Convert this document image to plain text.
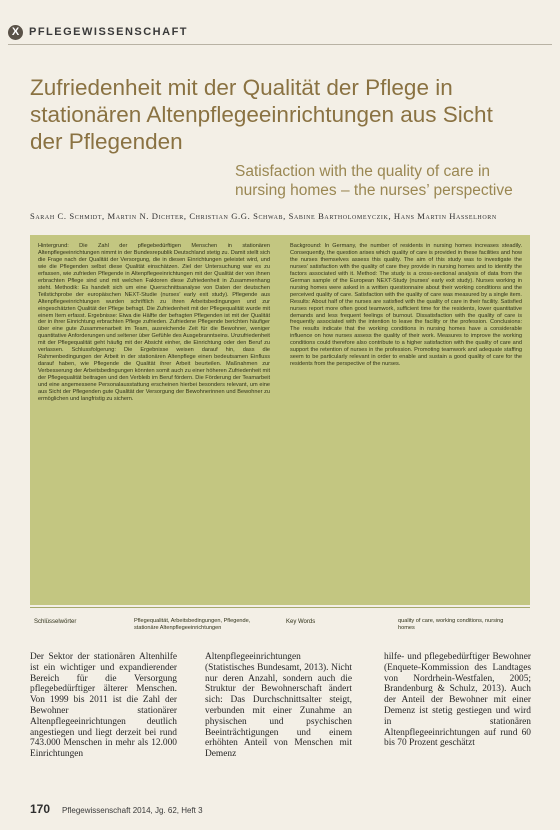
X PFLEGEWISSENSCHAFT
Zufriedenheit mit der Qualität der Pflege in stationären Altenpflegeeinrichtungen aus Sicht der Pflegenden
Satisfaction with the quality of care in nursing homes – the nurses’ perspective
Sarah C. Schmidt, Martin N. Dichter, Christian G.G. Schwab, Sabine Bartholomeyczik, Hans Martin Hasselhorn
Hintergrund: Die Zahl der pflegebedürftigen Menschen in stationären Altenpflegeeinrichtungen nimmt in der Bundesrepublik Deutschland stetig zu. Damit stellt sich die Frage nach der Qualität der Versorgung, die in diesen Einrichtungen geleistet wird, und wie die Pflegenden selbst diese Qualität einschätzen. Ziel der Untersuchung war es zu erfassen, wie zufrieden Pflegende in Altenpflegeeinrichtungen mit der Qualität der von ihnen erbrachten Pflege sind und mit welchen Faktoren diese Zufriedenheit in Zusammenhang steht. Methodik: Es handelt sich um eine Querschnittsanalyse von Daten der deutschen Teilstichprobe der europäischen NEXT-Studie (nurses’ early exit study). Pflegende aus Altenpflegeeinrichtungen wurden schriftlich zu ihren Arbeitsbedingungen und zur eingeschätzten Qualität der Pflege befragt. Die Zufriedenheit mit der Pflegequalität wurde mit einem Item erfasst. Ergebnisse: Etwa die Hälfte der befragten Pflegenden ist mit der Qualität der in ihrer Einrichtung erbrachten Pflege zufrieden. Zufriedene Pflegende berichten häufiger über eine gute Zusammenarbeit im Team, ausreichende Zeit für die Bewohner, weniger quantitative Anforderungen und seltener über Gefühle des Ausgebranntseins. Unzufriedenheit mit der Pflegequalität geht häufig mit der Absicht einher, die Einrichtung oder den Beruf zu verlassen. Schlussfolgerung: Die Ergebnisse weisen darauf hin, dass die Rahmenbedingungen der Arbeit in der stationären Altenpflege einen bedeutsamen Einfluss darauf haben, wie Pflegende die Qualität ihrer Arbeit beurteilen. Maßnahmen zur Verbesserung der Arbeitsbedingungen könnten somit auch zu einer höheren Zufriedenheit mit der Pflegequalität beitragen und den Verbleib im Beruf fördern. Die Förderung der Teamarbeit und eine angemessene Personalausstattung erscheinen hierbei besonders relevant, um eine aus Sicht der Pflegenden gute Qualität der Versorgung der Bewohnerinnen und Bewohner zu ermöglichen und langfristig zu sichern.
Background: In Germany, the number of residents in nursing homes increases steadily. Consequently, the question arises which quality of care is provided in these facilities and how the nurses themselves assess this quality. The aim of this study was to investigate the nurses’ satisfaction with the quality of care they provide in nursing homes and to identify the factors associated with it. Method: The study is a cross-sectional analysis of data from the German sample of the European NEXT-Study (nurses’ early exit study). Nurses working in nursing homes were asked in a written questionnaire about their working conditions and the perceived quality of care. Satisfaction with the quality of care was measured by a single item. Results: About half of the nurses are satisfied with the quality of care in their facility. Satisfied nurses report more often good teamwork, sufficient time for the residents, lower quantitative demands and less frequent feelings of burnout. Dissatisfaction with the quality of care is frequently associated with the intention to leave the facility or the profession. Conclusions: The results indicate that the working conditions in nursing homes have a considerable influence on how nurses assess the quality of their work. Measures to improve the working conditions could therefore also contribute to a higher satisfaction with the quality of care and support the retention of nurses in the profession. Promoting teamwork and adequate staffing seem to be particularly relevant in order to enable and sustain a good quality of care for the residents from the perspective of the nurses.
Schlüsselwörter	Pflegequalität, Arbeitsbedingungen, Pflegende, stationäre Altenpflegeeinrichtungen
Key Words	quality of care, working conditions, nursing homes
Der Sektor der stationären Altenhilfe ist ein wichtiger und expandierender Bereich für die Versorgung pflegebedürftiger älterer Menschen. Von 1999 bis 2011 ist die Zahl der Bewohner stationärer Altenpflegeeinrichtungen deutlich angestiegen und liegt derzeit bei rund 743.000 Menschen in mehr als 12.000 Einrichtungen
Altenpflegeeinrichtungen (Statistisches Bundesamt, 2013). Nicht nur deren Anzahl, sondern auch die Struktur der Bewohnerschaft ändert sich: Das Durchschnittsalter steigt, verbunden mit einer Zunahme an physischen und psychischen Beeinträchtigungen und einem erhöhten Anteil von Menschen mit Demenz
hilfe- und pflegebedürftiger Bewohner (Enquete-Kommission des Landtages von Nordrhein-Westfalen, 2005; Brandenburg & Schulz, 2013). Auch der Anteil der Bewohner mit einer Demenz ist stetig gestiegen und wird in stationären Altenpflegeeinrichtungen auf rund 60 bis 70 Prozent geschätzt
170 Pflegewissenschaft 2014, Jg. 62, Heft 3
